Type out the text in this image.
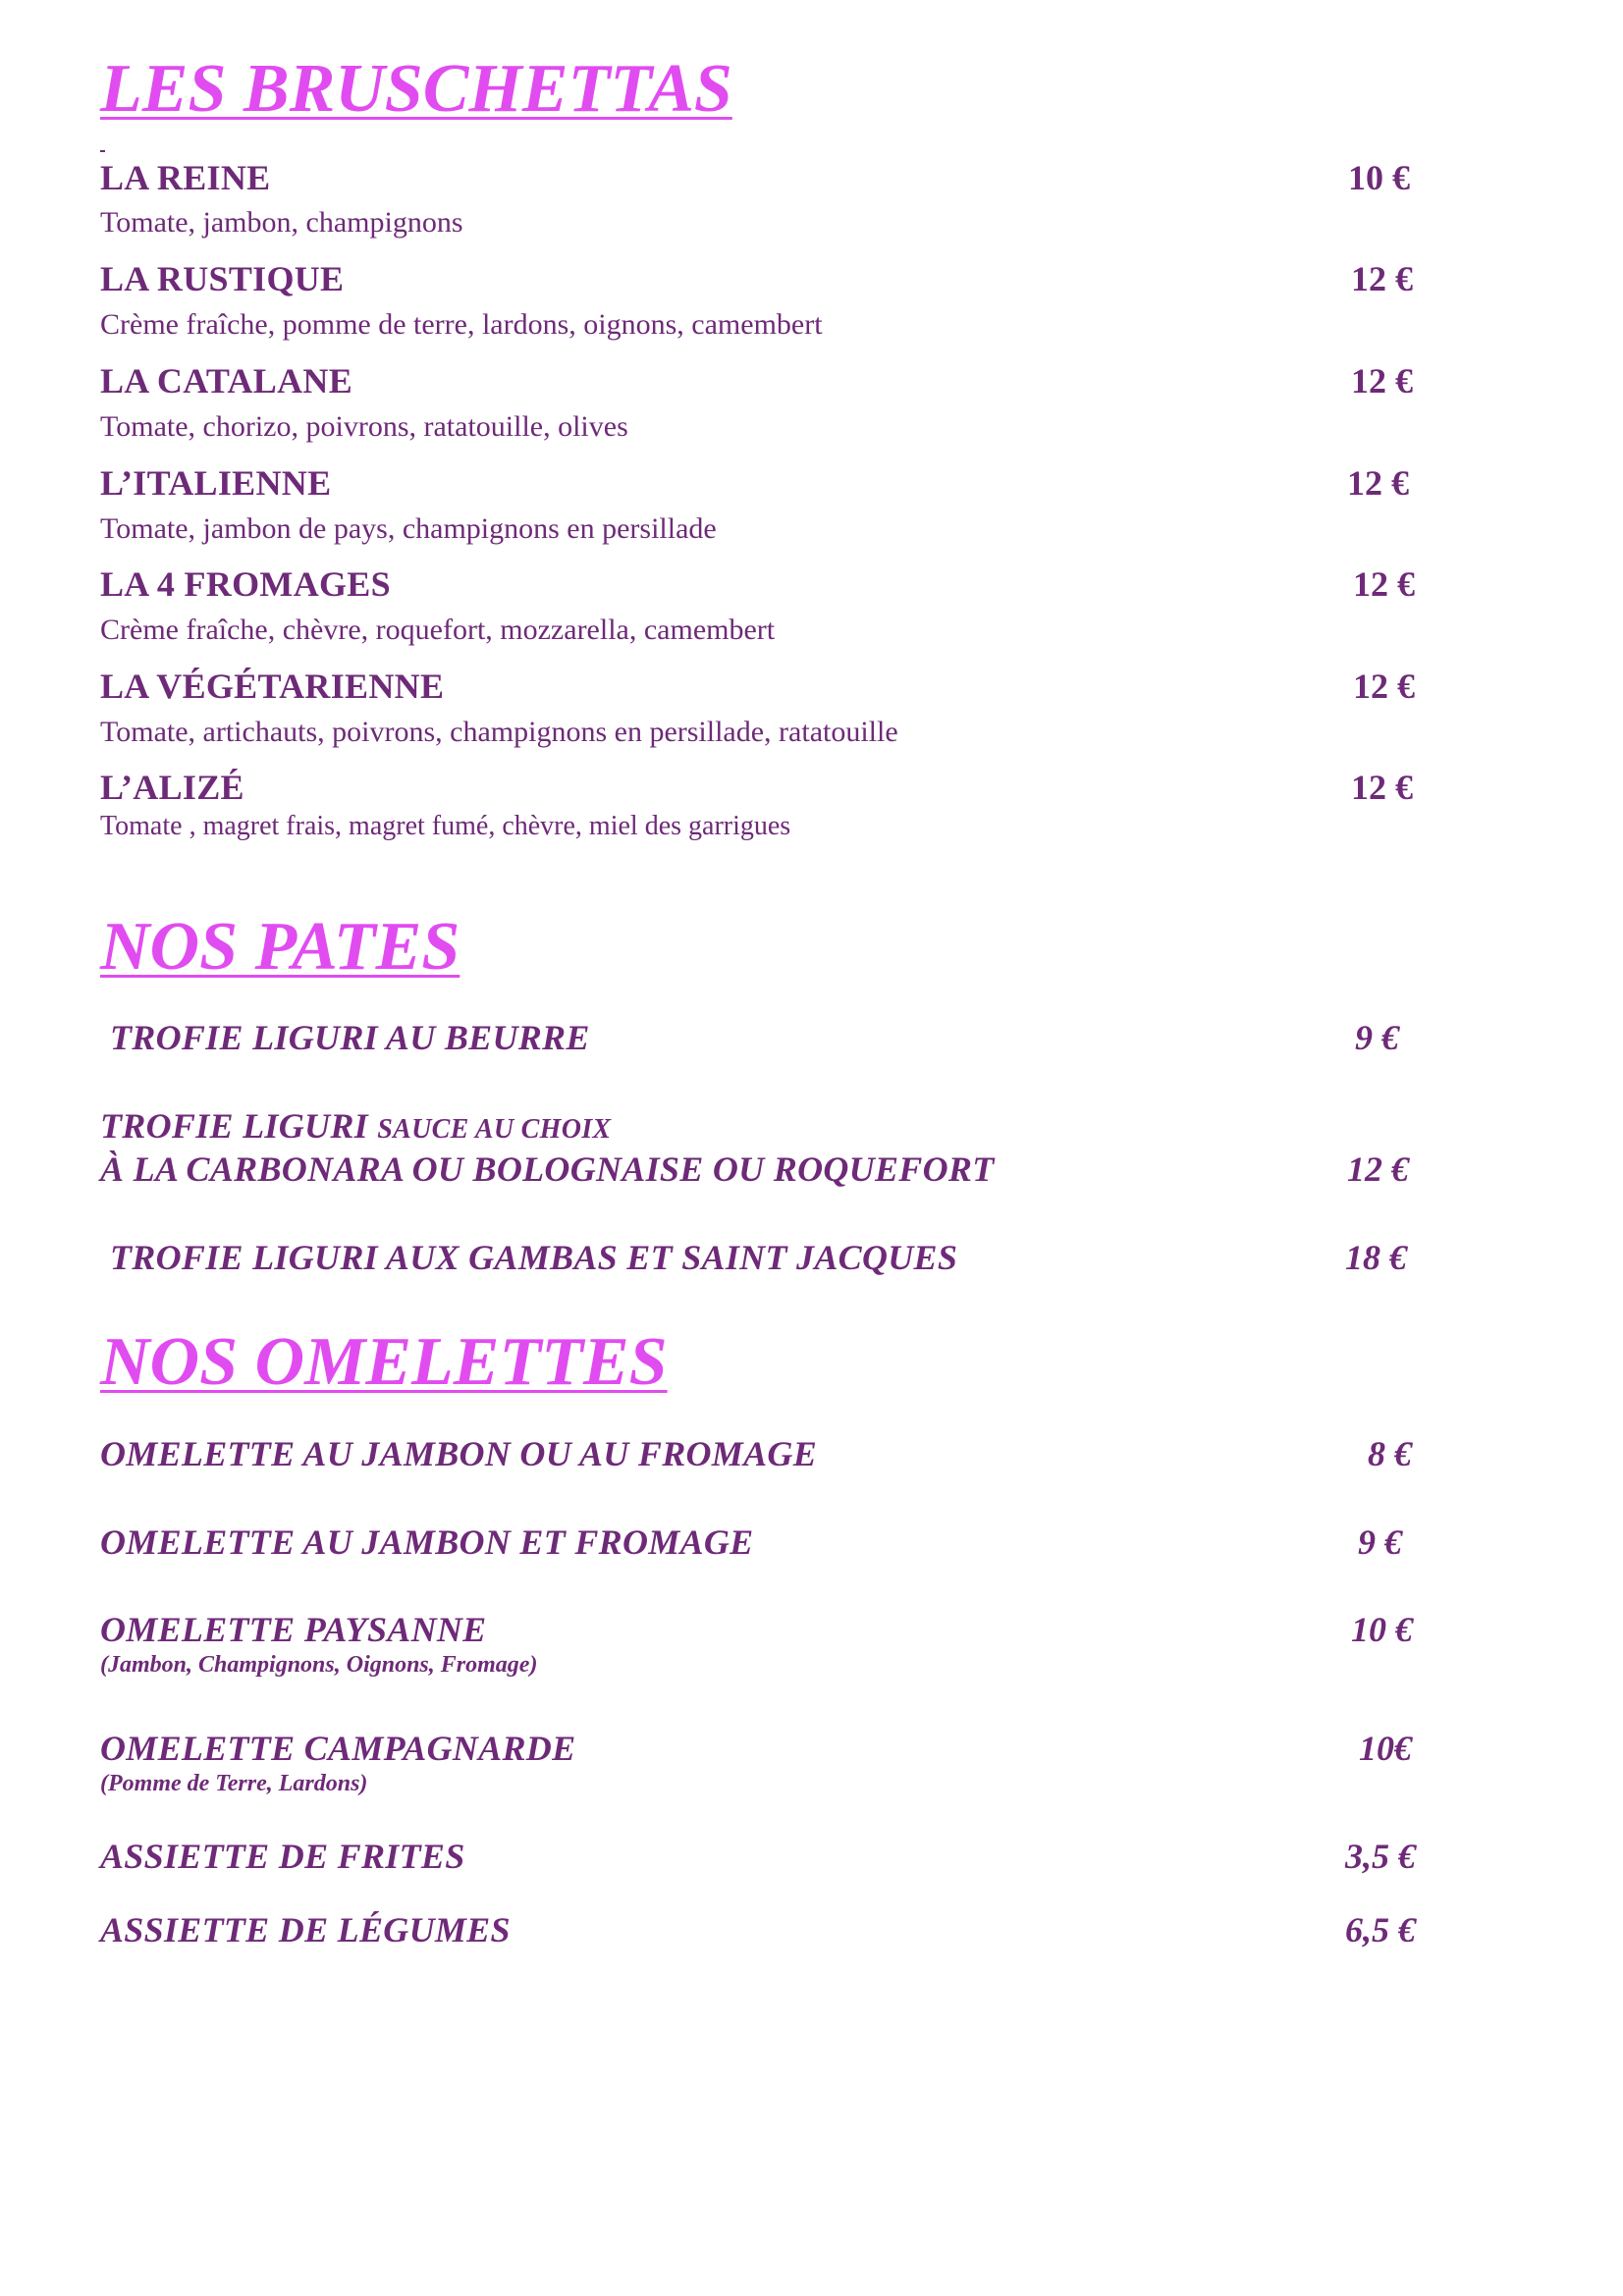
LES BRUSCHETTAS
LA REINE	10 €
Tomate, jambon, champignons
LA RUSTIQUE	12 €
Crème fraîche, pomme de terre, lardons, oignons, camembert
LA CATALANE	12 €
Tomate, chorizo, poivrons, ratatouille, olives
L’ITALIENNE	12 €
Tomate, jambon de pays, champignons en persillade
LA 4 FROMAGES	12 €
Crème fraîche, chèvre, roquefort, mozzarella, camembert
LA VÉGÉTARIENNE	12 €
Tomate, artichauts, poivrons, champignons en persillade, ratatouille
L’ALIZÉ	12 €
Tomate , magret frais, magret fumé, chèvre, miel des garrigues
NOS PATES
TROFIE LIGURI AU BEURRE	9 €
TROFIE LIGURI SAUCE AU CHOIX
À LA CARBONARA OU BOLOGNAISE OU ROQUEFORT	12 €
TROFIE LIGURI AUX GAMBAS ET SAINT JACQUES	18 €
NOS OMELETTES
OMELETTE AU JAMBON OU AU FROMAGE	8 €
OMELETTE AU JAMBON ET FROMAGE	9 €
OMELETTE PAYSANNE	10 €
(Jambon, Champignons, Oignons, Fromage)
OMELETTE CAMPAGNARDE	10€
(Pomme de Terre, Lardons)
ASSIETTE DE FRITES	3,5 €
ASSIETTE DE LÉGUMES	6,5 €
